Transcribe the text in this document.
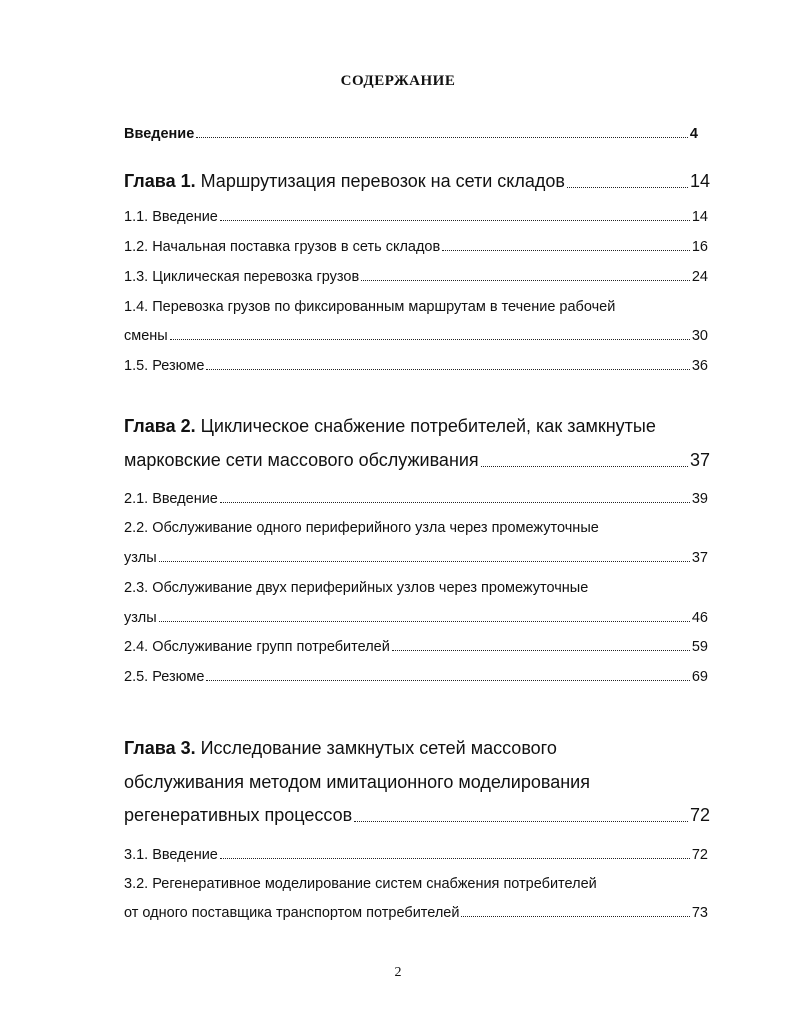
СОДЕРЖАНИЕ
Введение	4
Глава 1. Маршрутизация перевозок на сети складов	14
1.1. Введение	14
1.2. Начальная поставка грузов в сеть складов	16
1.3. Циклическая перевозка грузов	24
1.4. Перевозка грузов по фиксированным маршрутам в течение рабочей
смены	30
1.5. Резюме	36
Глава 2. Циклическое снабжение потребителей, как замкнутые
марковские сети массового обслуживания	37
2.1. Введение	39
2.2. Обслуживание одного периферийного узла через промежуточные
узлы	37
2.3. Обслуживание двух периферийных узлов через промежуточные
узлы	46
2.4. Обслуживание групп потребителей	59
2.5. Резюме	69
Глава 3. Исследование замкнутых сетей массового
обслуживания методом имитационного моделирования
регенеративных процессов	72
3.1. Введение	72
3.2. Регенеративное моделирование систем снабжения потребителей
от одного поставщика транспортом потребителей	73
2
